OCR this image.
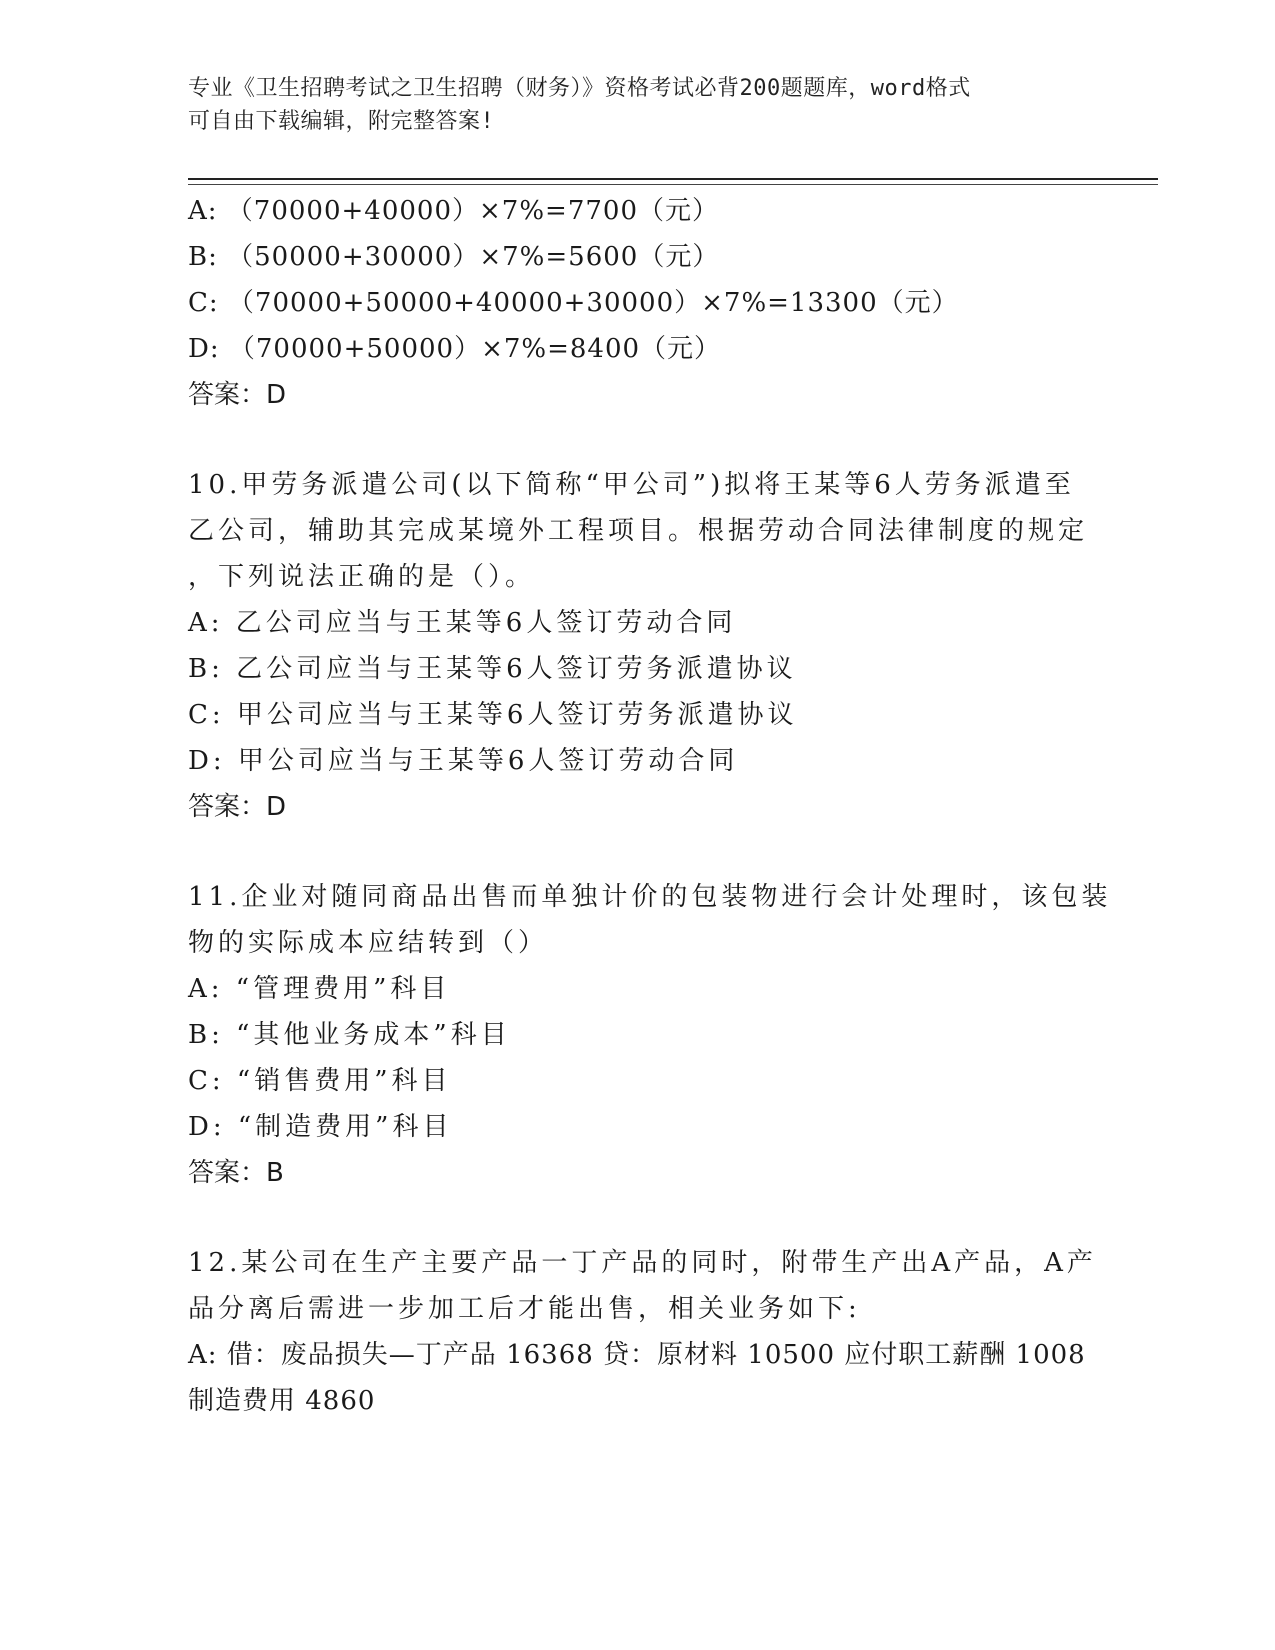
专业《卫生招聘考试之卫生招聘（财务）》资格考试必背200题题库，word格式
可自由下载编辑，附完整答案!
A: （70000+40000）×7%=7700（元）
B: （50000+30000）×7%=5600（元）
C: （70000+50000+40000+30000）×7%=13300（元）
D: （70000+50000）×7%=8400（元）
答案：D
10.甲劳务派遣公司(以下简称“甲公司”)拟将王某等6人劳务派遣至
乙公司，辅助其完成某境外工程项目。根据劳动合同法律制度的规定
，下列说法正确的是（）。
A: 乙公司应当与王某等6人签订劳动合同
B: 乙公司应当与王某等6人签订劳务派遣协议
C: 甲公司应当与王某等6人签订劳务派遣协议
D: 甲公司应当与王某等6人签订劳动合同
答案：D
11.企业对随同商品出售而单独计价的包装物进行会计处理时，该包装
物的实际成本应结转到（）
A: “管理费用”科目
B: “其他业务成本”科目
C: “销售费用”科目
D: “制造费用”科目
答案：B
12.某公司在生产主要产品一丁产品的同时，附带生产出A产品，A产
品分离后需进一步加工后才能出售，相关业务如下:
A: 借：废品损失—丁产品 16368 贷：原材料 10500 应付职工薪酬 1008
制造费用 4860
